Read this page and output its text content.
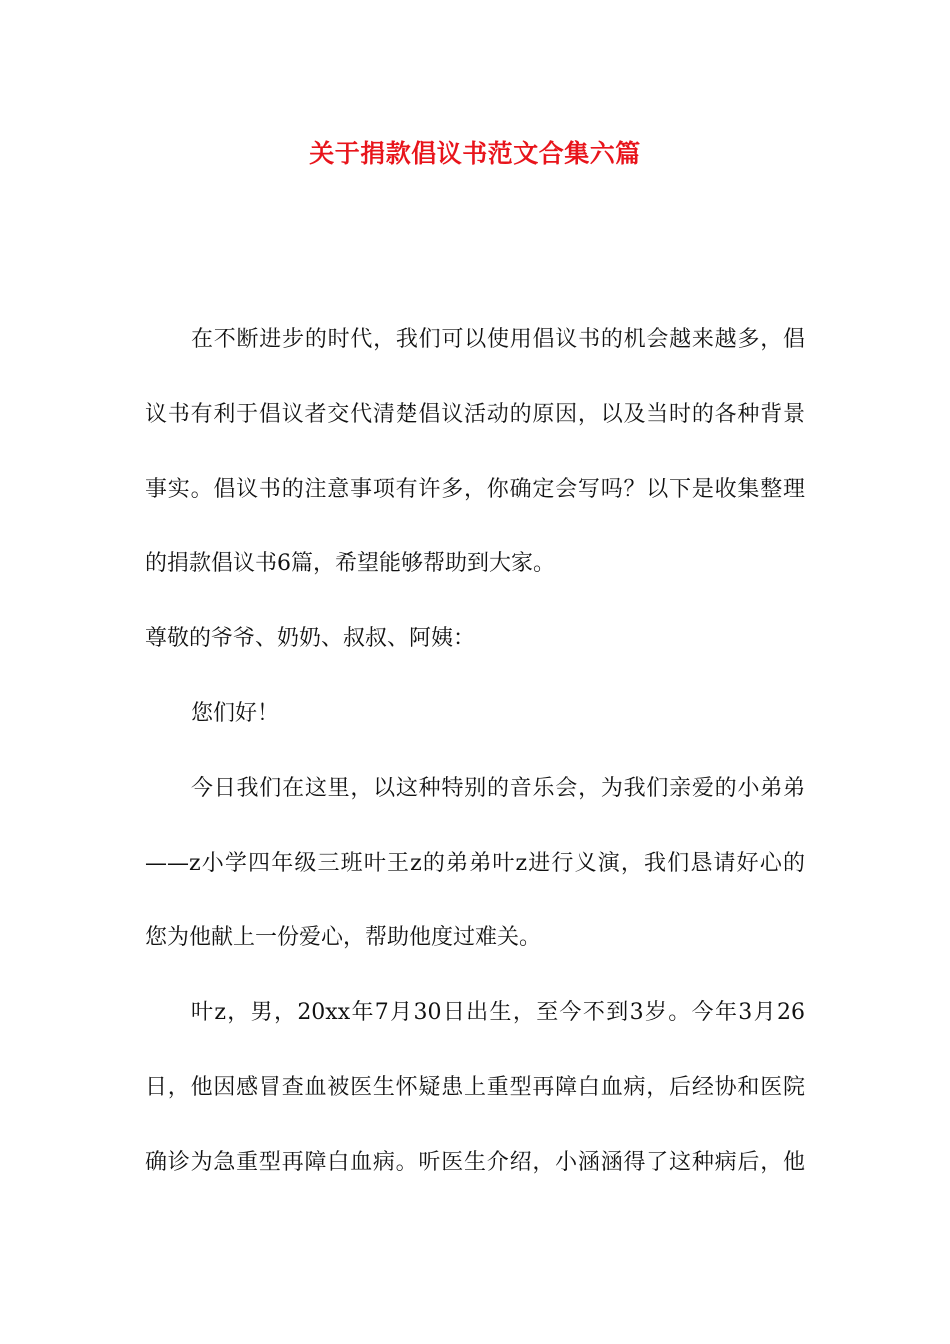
关于捐款倡议书范文合集六篇
在不断进步的时代，我们可以使用倡议书的机会越来越多，倡
议书有利于倡议者交代清楚倡议活动的原因，以及当时的各种背景
事实。倡议书的注意事项有许多，你确定会写吗？以下是收集整理
的捐款倡议书6篇，希望能够帮助到大家。
尊敬的爷爷、奶奶、叔叔、阿姨：
您们好！
今日我们在这里，以这种特别的音乐会，为我们亲爱的小弟弟
——z小学四年级三班叶王z的弟弟叶z进行义演，我们恳请好心的
您为他献上一份爱心，帮助他度过难关。
叶z，男，20xx年7月30日出生，至今不到3岁。今年3月26
日，他因感冒查血被医生怀疑患上重型再障白血病，后经协和医院
确诊为急重型再障白血病。听医生介绍，小涵涵得了这种病后，他
